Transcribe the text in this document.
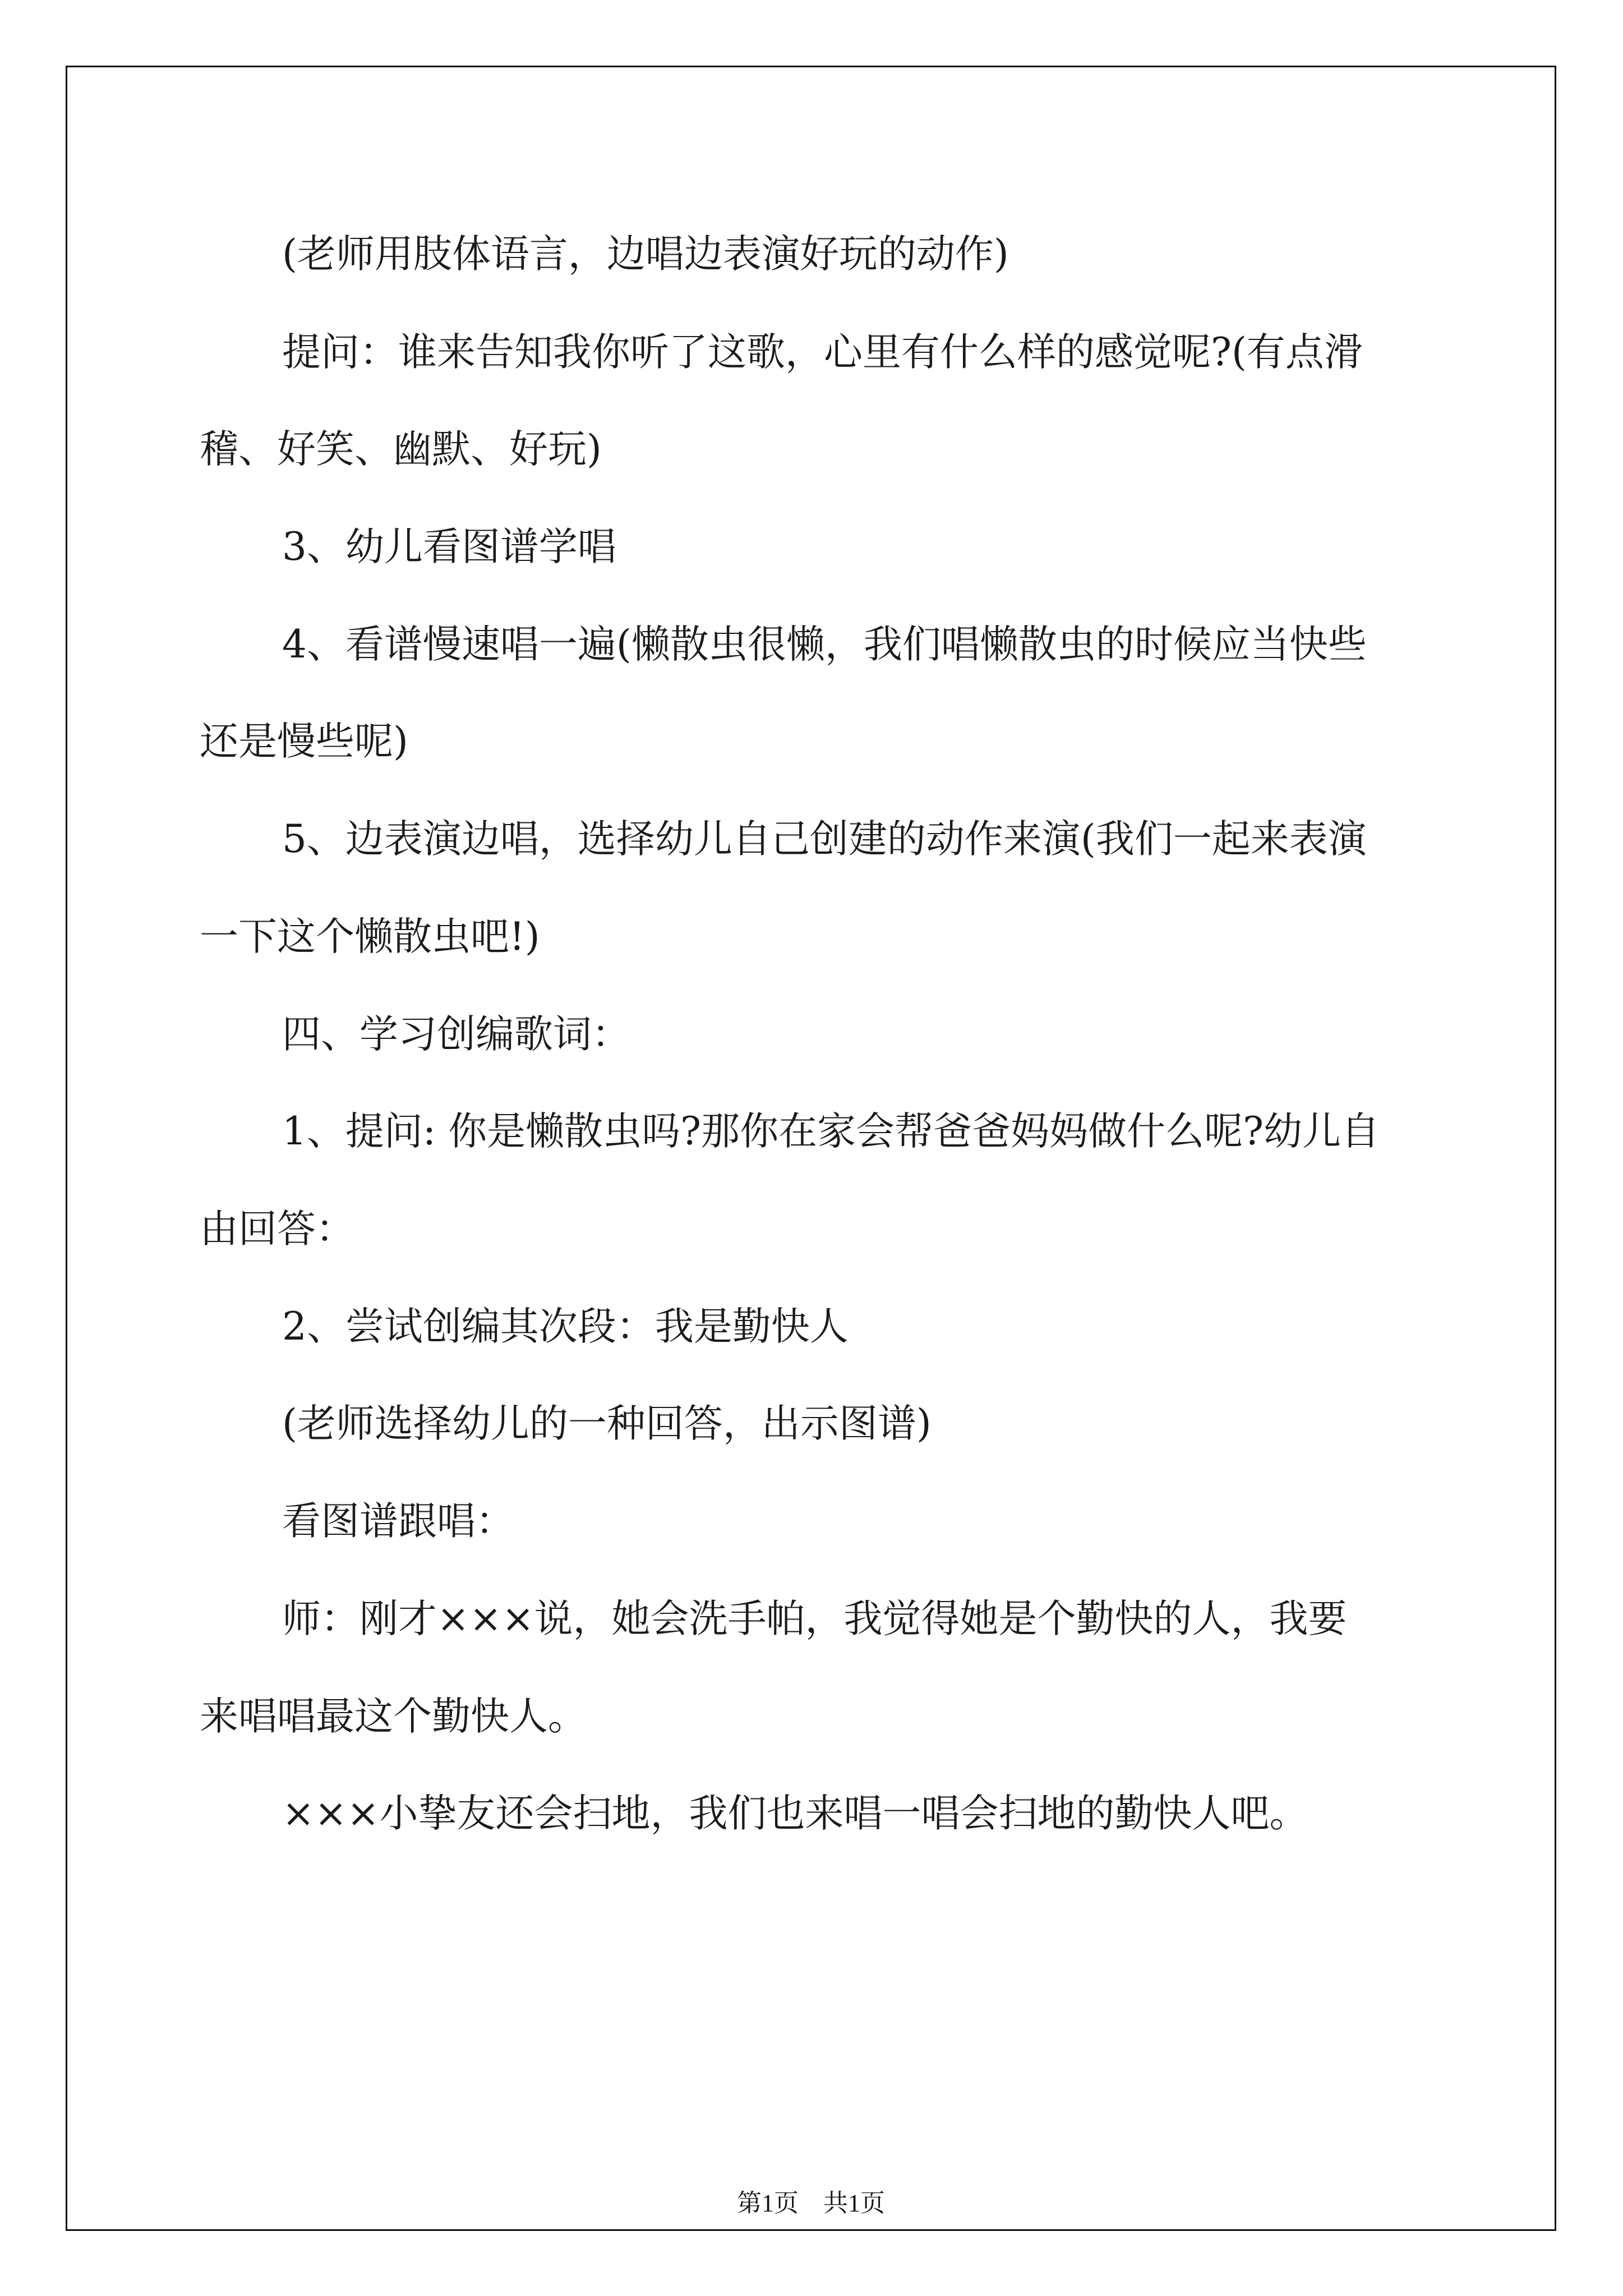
(老师用肢体语言，边唱边表演好玩的动作)

提问：谁来告知我你听了这歌，心里有什么样的感觉呢?(有点滑

稽、好笑、幽默、好玩)

3、幼儿看图谱学唱

4、看谱慢速唱一遍(懒散虫很懒，我们唱懒散虫的时候应当快些

还是慢些呢)

5、边表演边唱，选择幼儿自己创建的动作来演(我们一起来表演

一下这个懒散虫吧!)

四、学习创编歌词：

1、提问: 你是懒散虫吗?那你在家会帮爸爸妈妈做什么呢?幼儿自

由回答：

2、尝试创编其次段：我是勤快人

(老师选择幼儿的一种回答，出示图谱)

看图谱跟唱：

师：刚才×××说，她会洗手帕，我觉得她是个勤快的人，我要

来唱唱最这个勤快人。

×××小挚友还会扫地，我们也来唱一唱会扫地的勤快人吧。

第1页　共1页
